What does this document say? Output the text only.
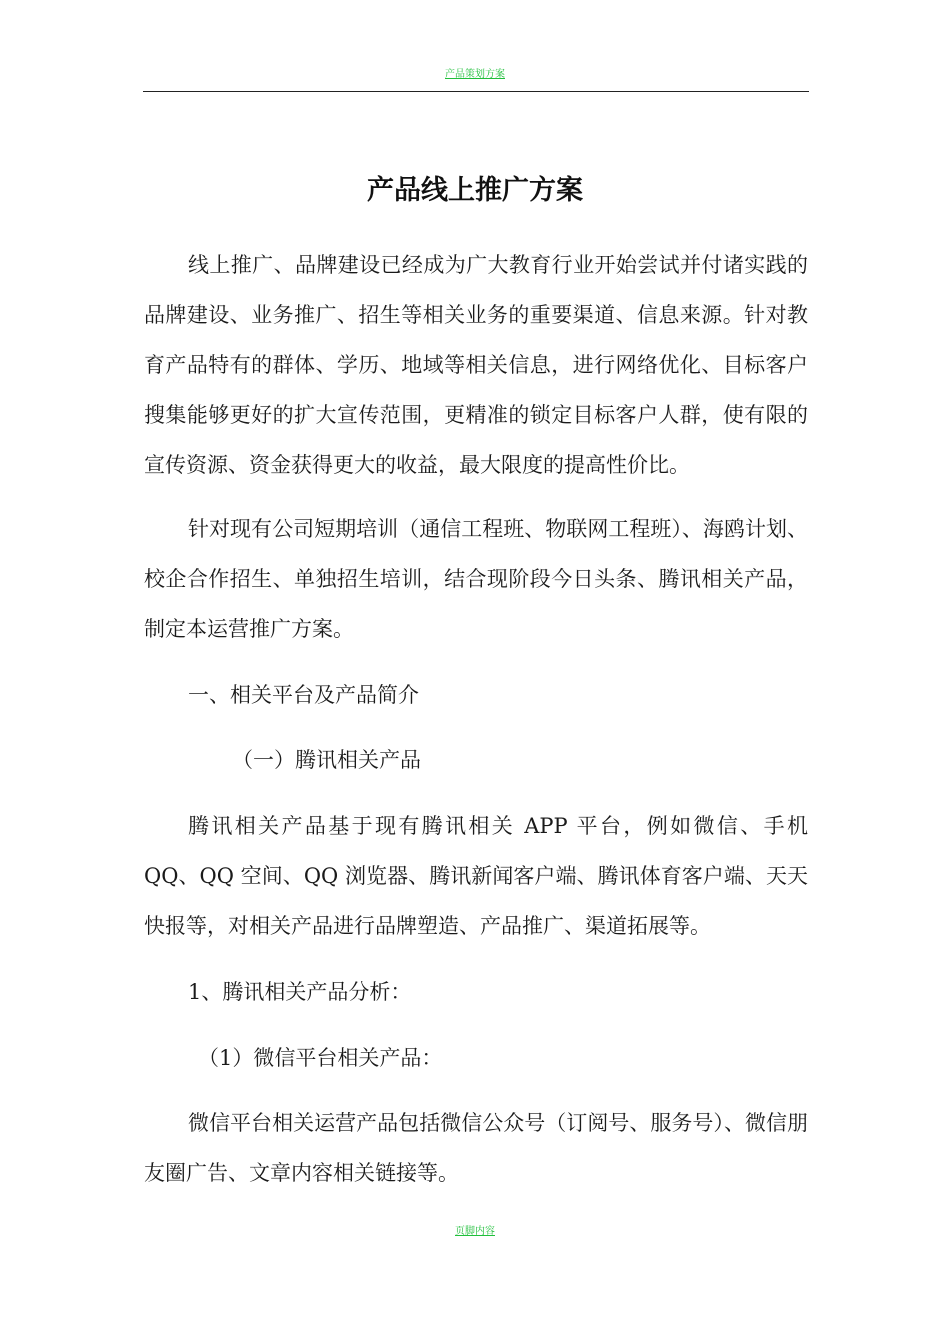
产品策划方案
产品线上推广方案

线上推广、品牌建设已经成为广大教育行业开始尝试并付诸实践的品牌建设、业务推广、招生等相关业务的重要渠道、信息来源。针对教育产品特有的群体、学历、地域等相关信息，进行网络优化、目标客户搜集能够更好的扩大宣传范围，更精准的锁定目标客户人群，使有限的宣传资源、资金获得更大的收益，最大限度的提高性价比。

针对现有公司短期培训（通信工程班、物联网工程班）、海鸥计划、校企合作招生、单独招生培训，结合现阶段今日头条、腾讯相关产品，制定本运营推广方案。

一、相关平台及产品简介

（一）腾讯相关产品

腾讯相关产品基于现有腾讯相关 APP 平台，例如微信、手机 QQ、QQ 空间、QQ 浏览器、腾讯新闻客户端、腾讯体育客户端、天天快报等，对相关产品进行品牌塑造、产品推广、渠道拓展等。

1、腾讯相关产品分析：

（1）微信平台相关产品：

微信平台相关运营产品包括微信公众号（订阅号、服务号）、微信朋友圈广告、文章内容相关链接等。

页脚内容
